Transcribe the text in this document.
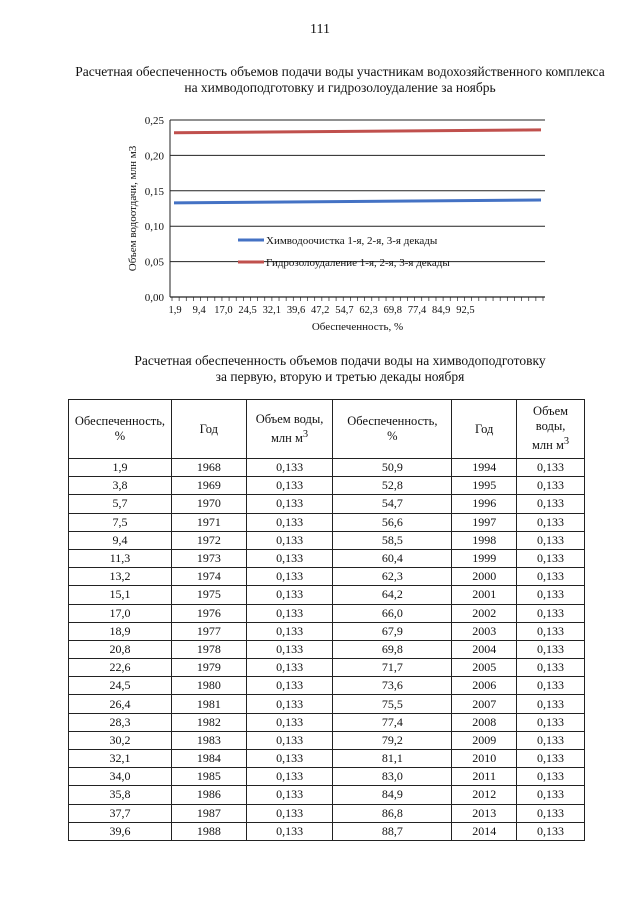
111
Расчетная обеспеченность объемов подачи воды участникам водохозяйственного комплекса
на химводоподготовку и гидрозолоудаление за ноябрь
0,00
0,05
0,10
0,15
0,20
0,25
1,9 9,4 17,0 24,5 32,1 39,6 47,2 54,7 62,3 69,8 77,4 84,9 92,5
Химводоочистка 1-я, 2-я, 3-я декады
Гидрозолоудаление 1-я, 2-я, 3-я декады
Обеспеченность, %
Объем водоотдачи, млн м3
Расчетная обеспеченность объемов подачи воды на химводоподготовку
за первую, вторую и третью декады ноября
Обеспеченность,
%	Год	Объем воды,
млн $м^3$	Обеспеченность,
%	Год	Объем воды,
млн $м^3$
1,9	1968	0,133	50,9	1994	0,133
3,8	1969	0,133	52,8	1995	0,133
5,7	1970	0,133	54,7	1996	0,133
7,5	1971	0,133	56,6	1997	0,133
9,4	1972	0,133	58,5	1998	0,133
11,3	1973	0,133	60,4	1999	0,133
13,2	1974	0,133	62,3	2000	0,133
15,1	1975	0,133	64,2	2001	0,133
17,0	1976	0,133	66,0	2002	0,133
18,9	1977	0,133	67,9	2003	0,133
20,8	1978	0,133	69,8	2004	0,133
22,6	1979	0,133	71,7	2005	0,133
24,5	1980	0,133	73,6	2006	0,133
26,4	1981	0,133	75,5	2007	0,133
28,3	1982	0,133	77,4	2008	0,133
30,2	1983	0,133	79,2	2009	0,133
32,1	1984	0,133	81,1	2010	0,133
34,0	1985	0,133	83,0	2011	0,133
35,8	1986	0,133	84,9	2012	0,133
37,7	1987	0,133	86,8	2013	0,133
39,6	1988	0,133	88,7	2014	0,133
